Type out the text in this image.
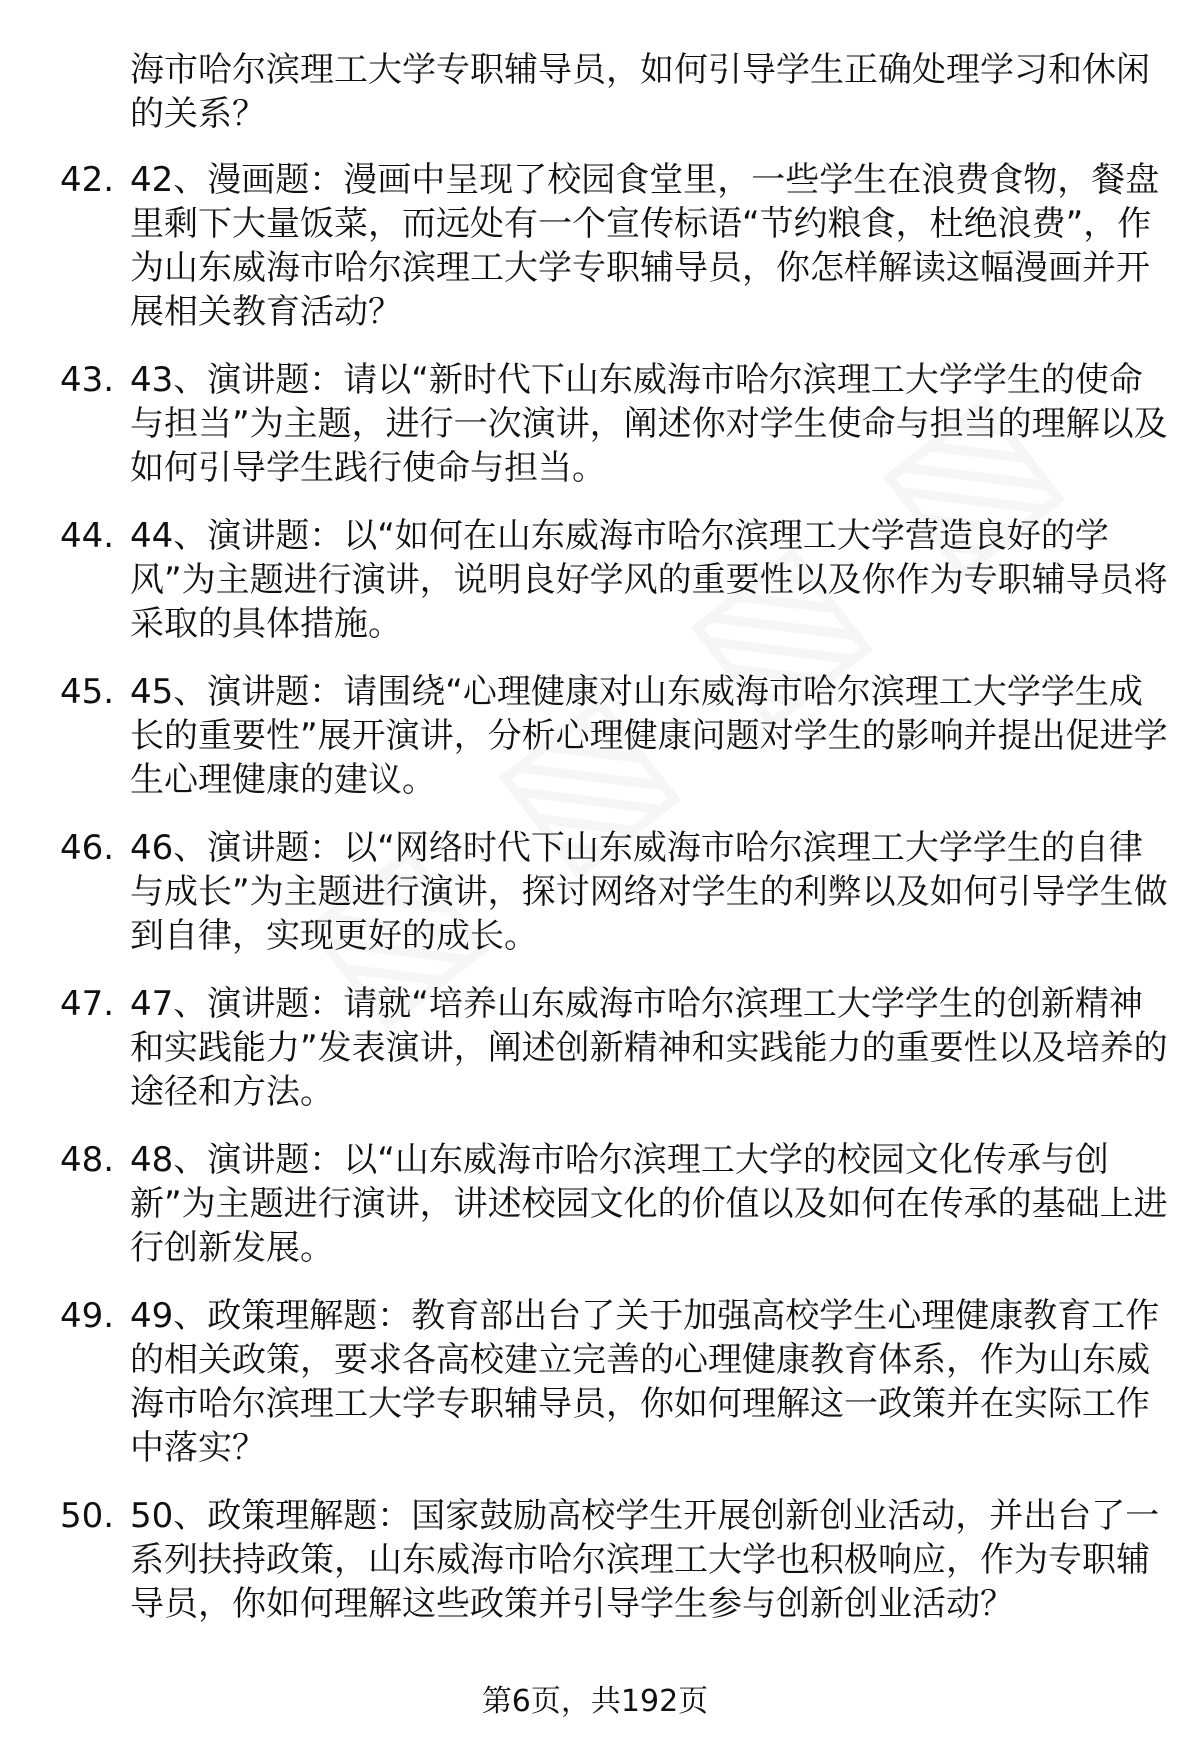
海市哈尔滨理工大学专职辅导员，如何引导学生正确处理学习和休闲的关系？
42. 42、漫画题：漫画中呈现了校园食堂里，一些学生在浪费食物，餐盘里剩下大量饭菜，而远处有一个宣传标语“节约粮食，杜绝浪费”，作为山东威海市哈尔滨理工大学专职辅导员，你怎样解读这幅漫画并开展相关教育活动？
43. 43、演讲题：请以“新时代下山东威海市哈尔滨理工大学学生的使命与担当”为主题，进行一次演讲，阐述你对学生使命与担当的理解以及如何引导学生践行使命与担当。
44. 44、演讲题：以“如何在山东威海市哈尔滨理工大学营造良好的学风”为主题进行演讲，说明良好学风的重要性以及你作为专职辅导员将采取的具体措施。
45. 45、演讲题：请围绕“心理健康对山东威海市哈尔滨理工大学学生成长的重要性”展开演讲，分析心理健康问题对学生的影响并提出促进学生心理健康的建议。
46. 46、演讲题：以“网络时代下山东威海市哈尔滨理工大学学生的自律与成长”为主题进行演讲，探讨网络对学生的利弊以及如何引导学生做到自律，实现更好的成长。
47. 47、演讲题：请就“培养山东威海市哈尔滨理工大学学生的创新精神和实践能力”发表演讲，阐述创新精神和实践能力的重要性以及培养的途径和方法。
48. 48、演讲题：以“山东威海市哈尔滨理工大学的校园文化传承与创新”为主题进行演讲，讲述校园文化的价值以及如何在传承的基础上进行创新发展。
49. 49、政策理解题：教育部出台了关于加强高校学生心理健康教育工作的相关政策，要求各高校建立完善的心理健康教育体系，作为山东威海市哈尔滨理工大学专职辅导员，你如何理解这一政策并在实际工作中落实？
50. 50、政策理解题：国家鼓励高校学生开展创新创业活动，并出台了一系列扶持政策，山东威海市哈尔滨理工大学也积极响应，作为专职辅导员，你如何理解这些政策并引导学生参与创新创业活动？
第6页，共192页
